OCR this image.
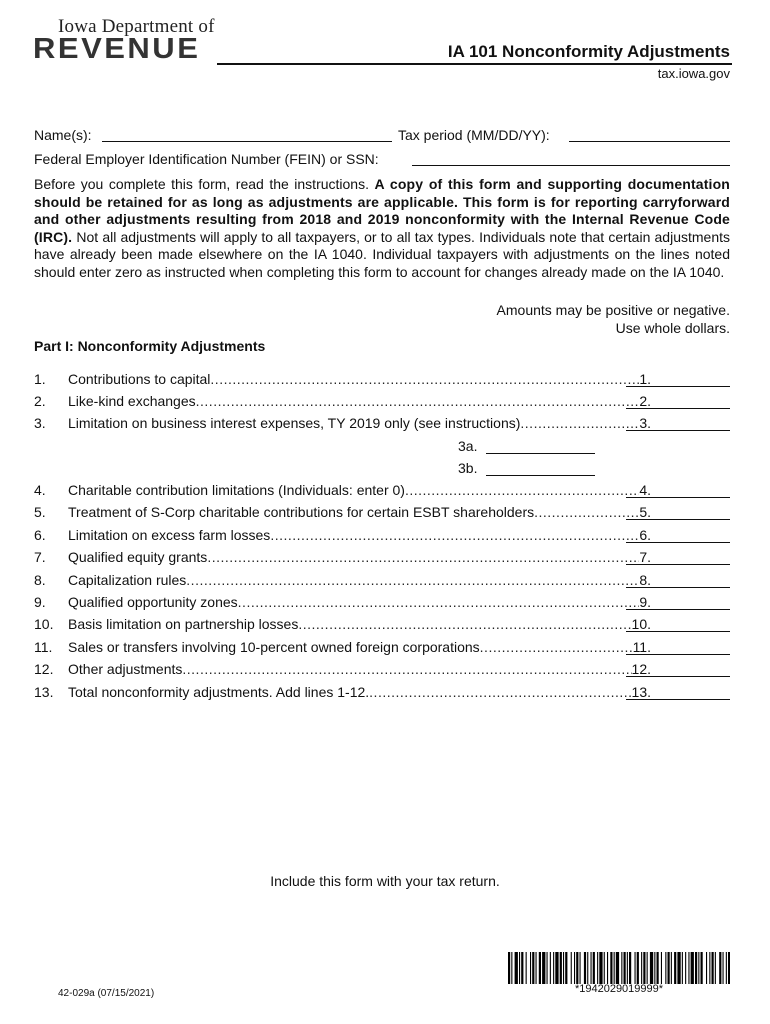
Iowa Department of
REVENUE	IA 101 Nonconformity Adjustments
tax.iowa.gov
Name(s):	Tax period (MM/DD/YY):
Federal Employer Identification Number (FEIN) or SSN:
Before you complete this form, read the instructions. A copy of this form and supporting documentation should be retained for as long as adjustments are applicable. This form is for reporting carryforward and other adjustments resulting from 2018 and 2019 nonconformity with the Internal Revenue Code (IRC). Not all adjustments will apply to all taxpayers, or to all tax types. Individuals note that certain adjustments have already been made elsewhere on the IA 1040. Individual taxpayers with adjustments on the lines noted should enter zero as instructed when completing this form to account for changes already made on the IA 1040.
Amounts may be positive or negative.
Use whole dollars.
Part I: Nonconformity Adjustments
1. Contributions to capital .....	1.
2. Like-kind exchanges .....	2.
3. Limitation on business interest expenses, TY 2019 only (see instructions) .....	3.
3a.
3b.
4. Charitable contribution limitations (Individuals: enter 0) .....	4.
5. Treatment of S-Corp charitable contributions for certain ESBT shareholders .....	5.
6. Limitation on excess farm losses .....	6.
7. Qualified equity grants .....	7.
8. Capitalization rules .....	8.
9. Qualified opportunity zones .....	9.
10. Basis limitation on partnership losses .....	10.
11. Sales or transfers involving 10-percent owned foreign corporations .....	11.
12. Other adjustments .....	12.
13. Total nonconformity adjustments. Add lines 1-12. .....	13.
Include this form with your tax return.
*1942029019999*
42-029a (07/15/2021)
